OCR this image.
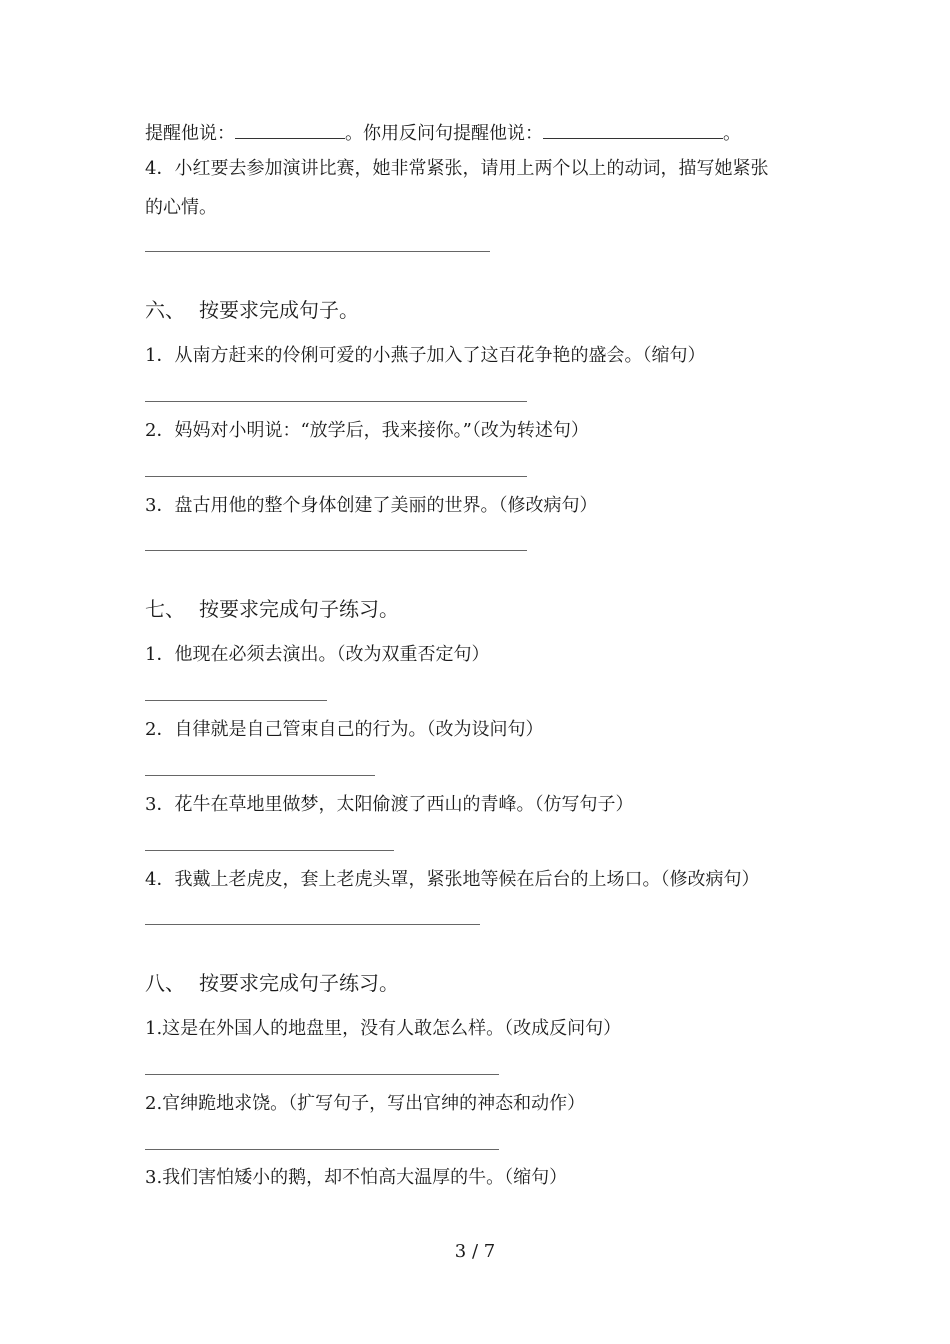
提醒他说：	。你用反问句提醒他说：	。
4．小红要去参加演讲比赛，她非常紧张，请用上两个以上的动词，描写她紧张
的心情。
六、 按要求完成句子。
1．从南方赶来的伶俐可爱的小燕子加入了这百花争艳的盛会。（缩句）
2．妈妈对小明说：“放学后，我来接你。”（改为转述句）
3．盘古用他的整个身体创建了美丽的世界。（修改病句）
七、 按要求完成句子练习。
1．他现在必须去演出。（改为双重否定句）
2．自律就是自己管束自己的行为。（改为设问句）
3．花牛在草地里做梦，太阳偷渡了西山的青峰。（仿写句子）
4．我戴上老虎皮，套上老虎头罩，紧张地等候在后台的上场口。（修改病句）
八、 按要求完成句子练习。
1.这是在外国人的地盘里，没有人敢怎么样。（改成反问句）
2.官绅跪地求饶。（扩写句子，写出官绅的神态和动作）
3.我们害怕矮小的鹅，却不怕高大温厚的牛。（缩句）
3 / 7
